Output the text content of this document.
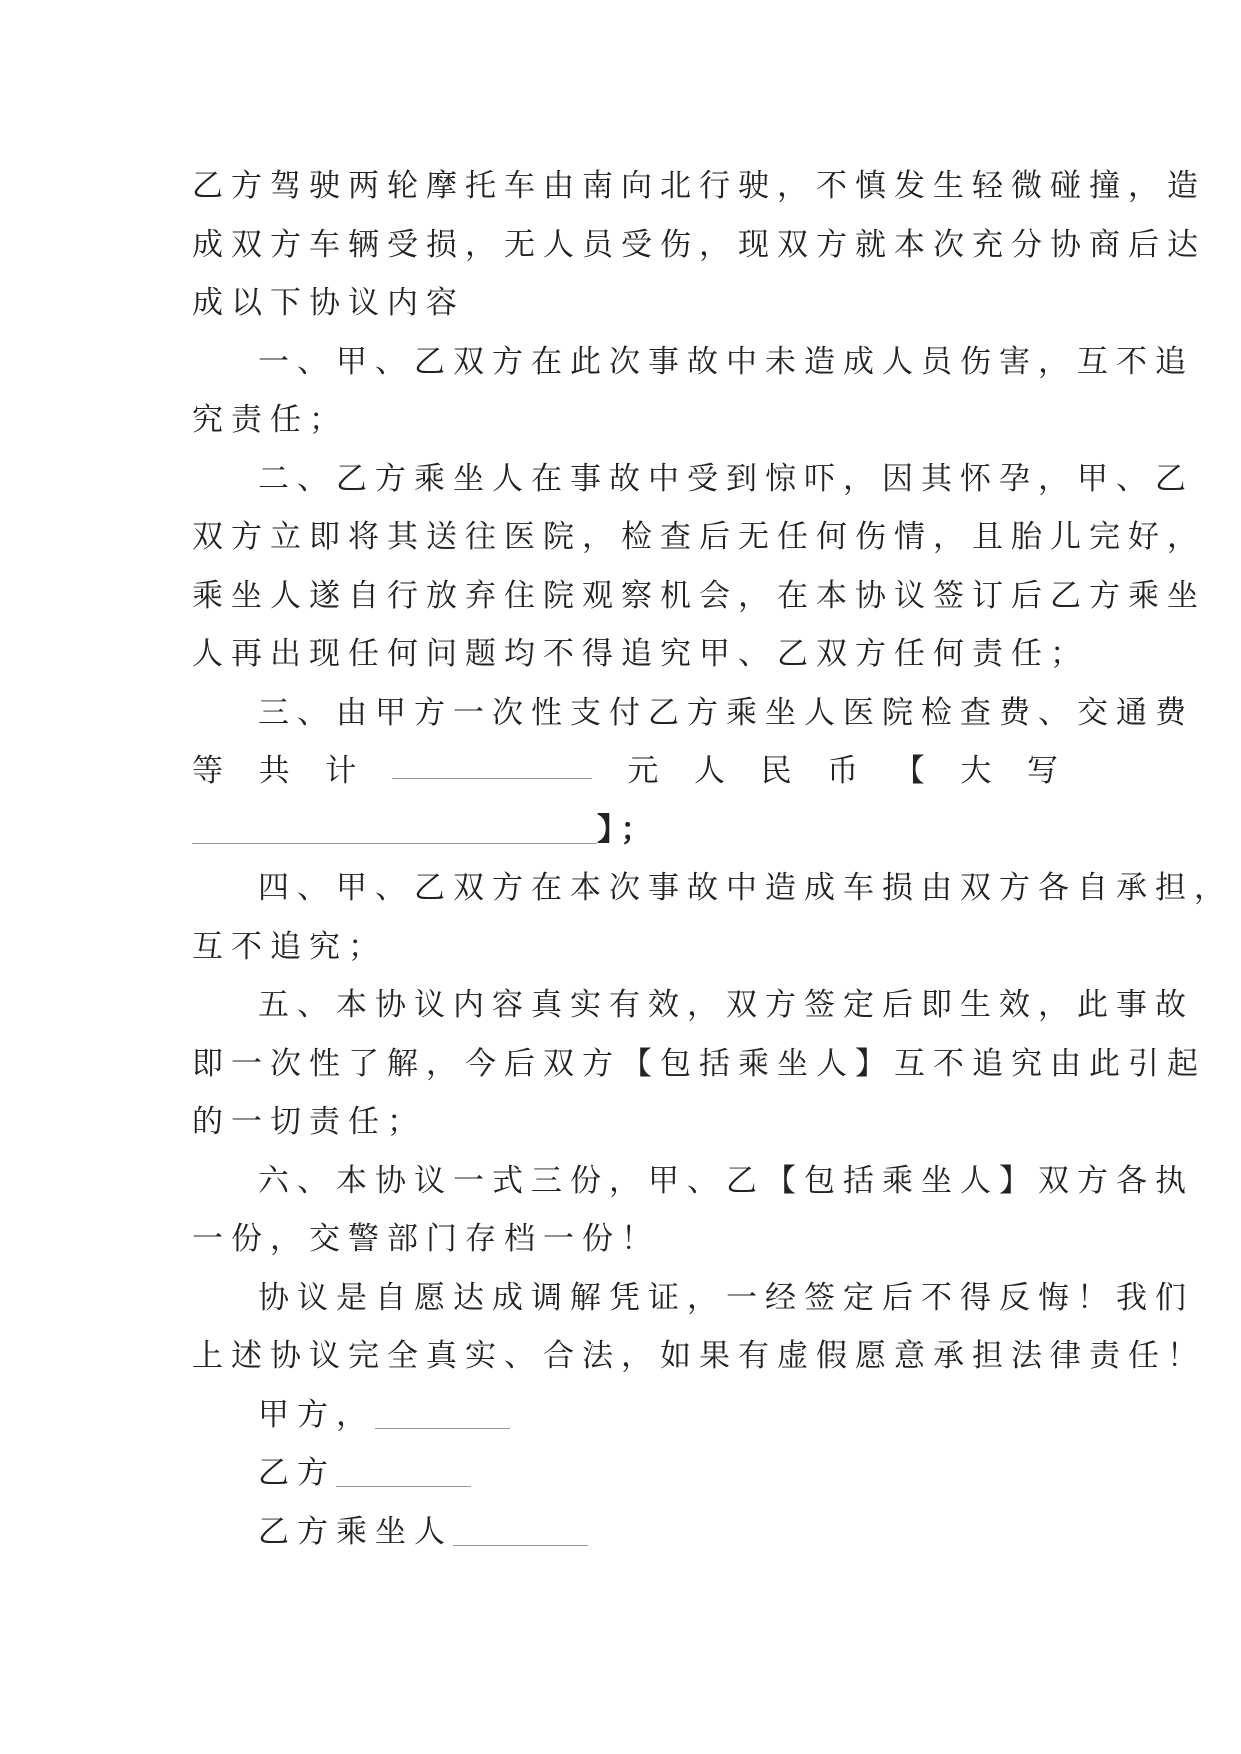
乙方驾驶两轮摩托车由南向北行驶，不慎发生轻微碰撞，造
成双方车辆受损，无人员受伤，现双方就本次充分协商后达
成以下协议内容
一、甲、乙双方在此次事故中未造成人员伤害，互不追
究责任；
二、乙方乘坐人在事故中受到惊吓，因其怀孕，甲、乙
双方立即将其送往医院，检查后无任何伤情，且胎儿完好，
乘坐人遂自行放弃住院观察机会，在本协议签订后乙方乘坐
人再出现任何问题均不得追究甲、乙双方任何责任；
三、由甲方一次性支付乙方乘坐人医院检查费、交通费
等 共 计	元 人 民 币 【 大 写
】；
四、甲、乙双方在本次事故中造成车损由双方各自承担，
互不追究；
五、本协议内容真实有效，双方签定后即生效，此事故
即一次性了解，今后双方【包括乘坐人】互不追究由此引起
的一切责任；
六、本协议一式三份，甲、乙【包括乘坐人】双方各执
一份，交警部门存档一份！
协议是自愿达成调解凭证，一经签定后不得反悔！我们
上述协议完全真实、合法，如果有虚假愿意承担法律责任！
甲方，
乙方
乙方乘坐人
